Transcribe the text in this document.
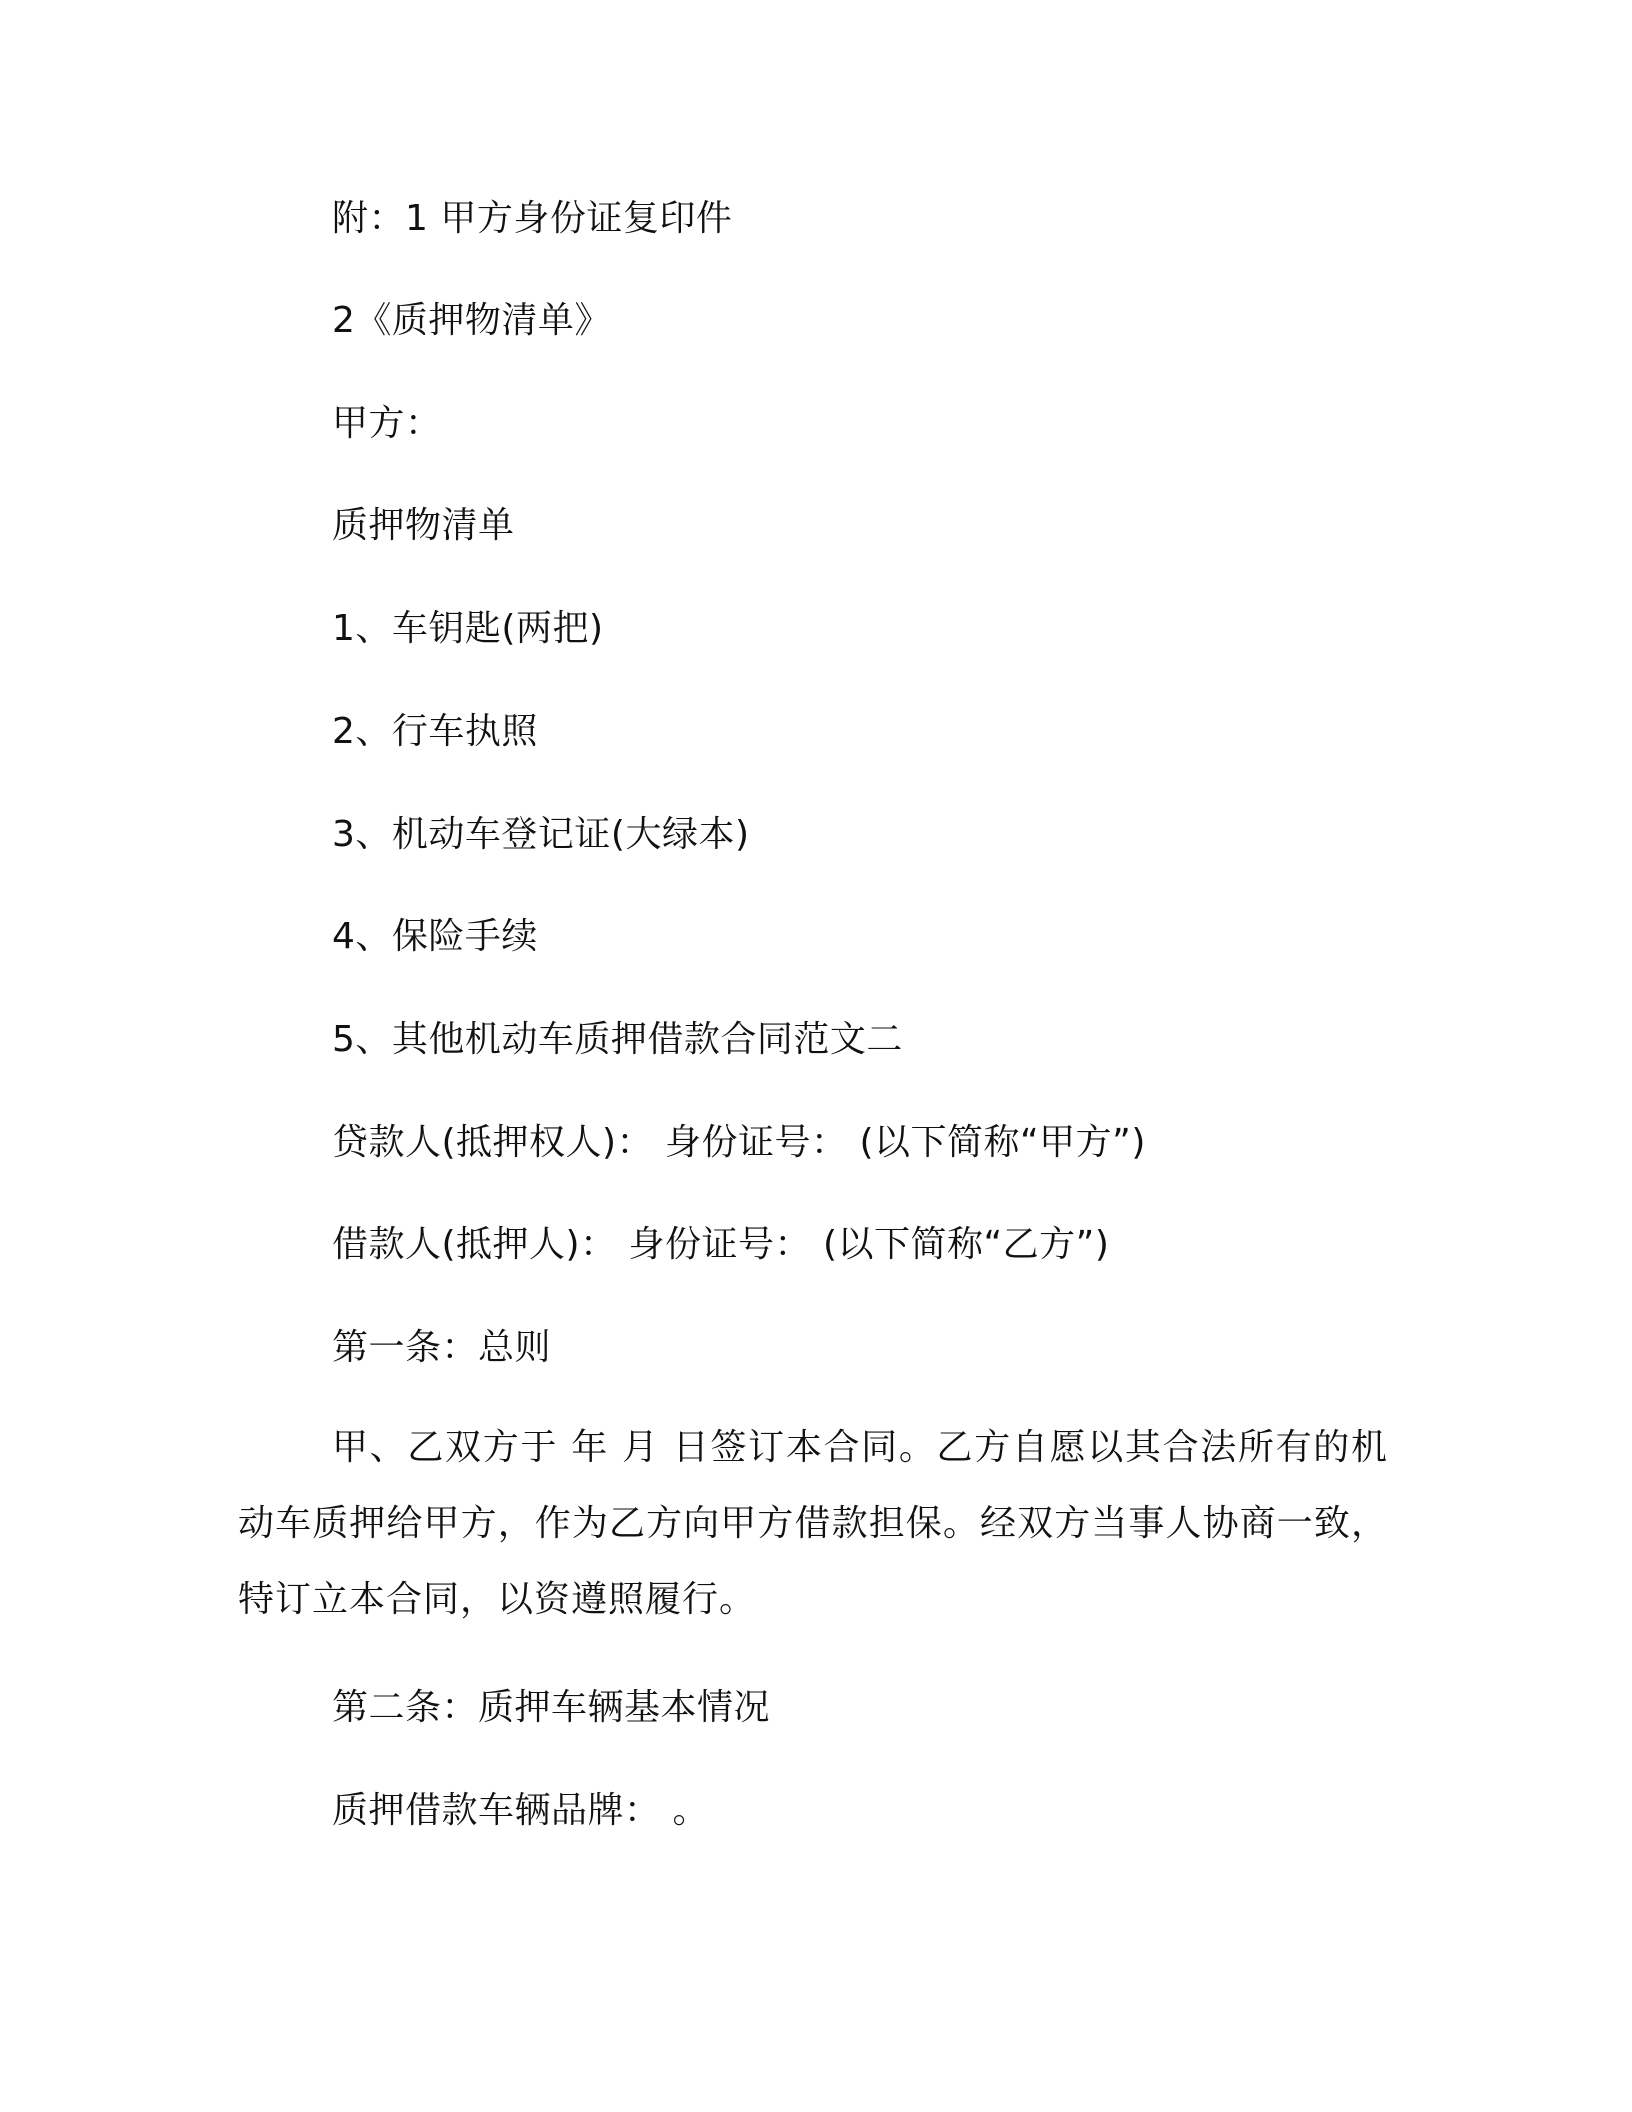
附：1 甲方身份证复印件
2《质押物清单》
甲方：
质押物清单
1、车钥匙(两把)
2、行车执照
3、机动车登记证(大绿本)
4、保险手续
5、其他机动车质押借款合同范文二
贷款人(抵押权人)： 身份证号： (以下简称“甲方”)
借款人(抵押人)： 身份证号： (以下简称“乙方”)
第一条：总则
甲、乙双方于 年 月 日签订本合同。乙方自愿以其合法所有的机动车质押给甲方，作为乙方向甲方借款担保。经双方当事人协商一致，特订立本合同，以资遵照履行。
第二条：质押车辆基本情况
质押借款车辆品牌： 。
